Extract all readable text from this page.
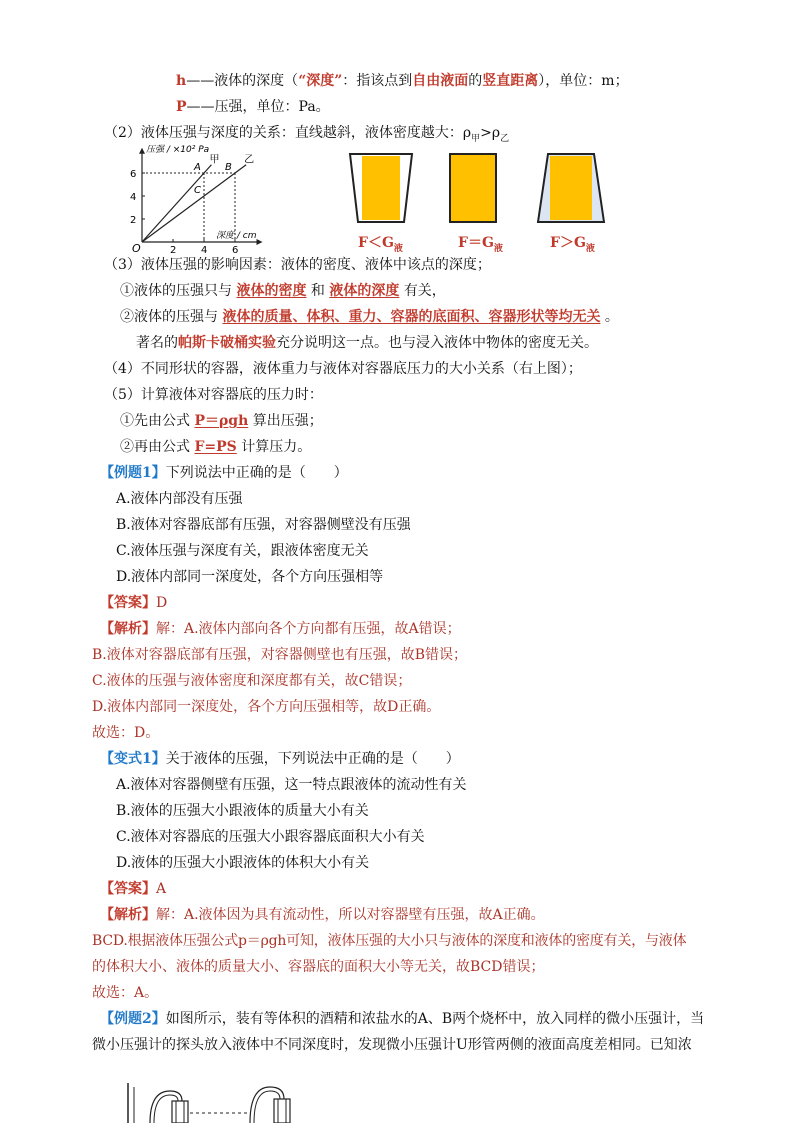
h——液体的深度（“深度”：指该点到自由液面的竖直距离），单位：m；
P——压强，单位：Pa。
（2）液体压强与深度的关系：直线越斜，液体密度越大：$\rho_甲>\rho_乙$
压强 / ×10² Pa
深度 / cm
O	2 4 6
2
4
6
甲 乙
A B
C
$F<G_液$	$F=G_液$	$F>G_液$
（3）液体压强的影响因素：液体的密度、液体中该点的深度；
①液体的压强只与 液体的密度 和 液体的深度 有关，
②液体的压强与 液体的质量、体积、重力、容器的底面积、容器形状等均无关 。
著名的帕斯卡破桶实验充分说明这一点。也与浸入液体中物体的密度无关。
（4）不同形状的容器，液体重力与液体对容器底压力的大小关系（右上图）；
（5）计算液体对容器底的压力时：
①先由公式 P＝ρgh 算出压强；
②再由公式 F=PS 计算压力。
【例题1】下列说法中正确的是（　　）
A.液体内部没有压强
B.液体对容器底部有压强，对容器侧壁没有压强
C.液体压强与深度有关，跟液体密度无关
D.液体内部同一深度处，各个方向压强相等
【答案】D
【解析】解：A.液体内部向各个方向都有压强，故A错误；
B.液体对容器底部有压强，对容器侧壁也有压强，故B错误；
C.液体的压强与液体密度和深度都有关，故C错误；
D.液体内部同一深度处，各个方向压强相等，故D正确。
故选：D。
【变式1】关于液体的压强，下列说法中正确的是（　　）
A.液体对容器侧壁有压强，这一特点跟液体的流动性有关
B.液体的压强大小跟液体的质量大小有关
C.液体对容器底的压强大小跟容器底面积大小有关
D.液体的压强大小跟液体的体积大小有关
【答案】A
【解析】解：A.液体因为具有流动性，所以对容器壁有压强，故A正确。
BCD.根据液体压强公式p＝ρgh可知，液体压强的大小只与液体的深度和液体的密度有关，与液体
的体积大小、液体的质量大小、容器底的面积大小等无关，故BCD错误；
故选：A。
【例题2】如图所示，装有等体积的酒精和浓盐水的A、B两个烧杯中，放入同样的微小压强计，当
微小压强计的探头放入液体中不同深度时，发现微小压强计U形管两侧的液面高度差相同。已知浓
